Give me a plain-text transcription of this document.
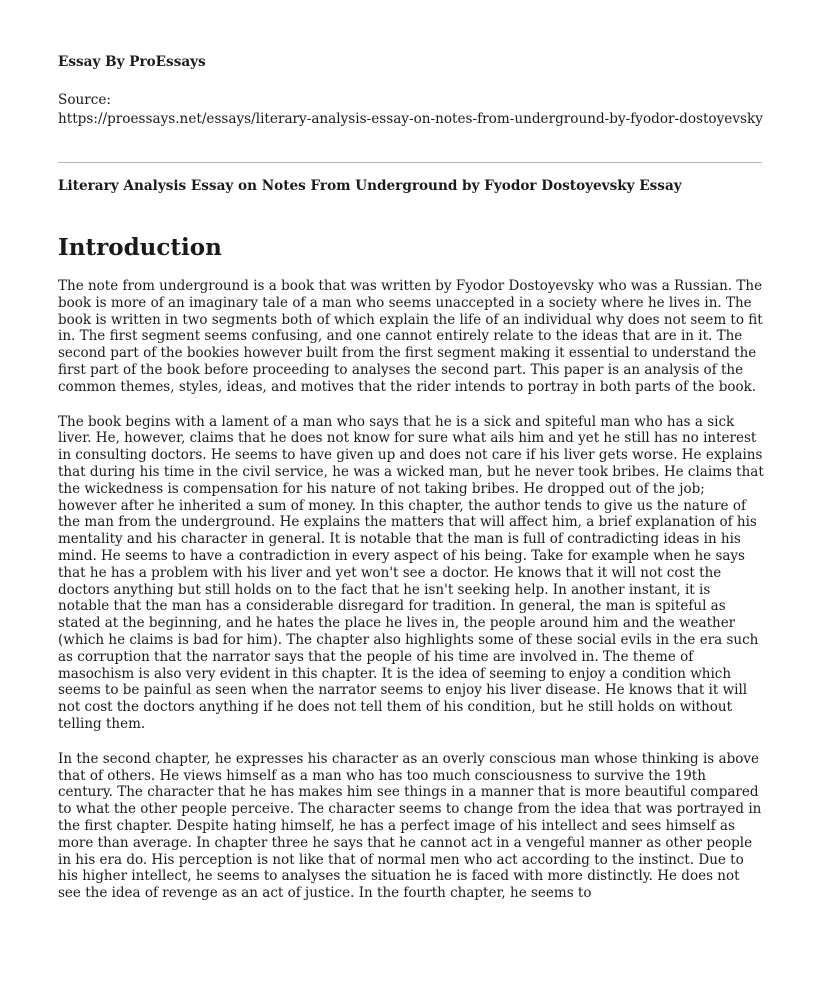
Essay By ProEssays

Source:
https://proessays.net/essays/literary-analysis-essay-on-notes-from-underground-by-fyodor-dostoyevsky

Literary Analysis Essay on Notes From Underground by Fyodor Dostoyevsky Essay

Introduction

The note from underground is a book that was written by Fyodor Dostoyevsky who was a Russian. The book is more of an imaginary tale of a man who seems unaccepted in a society where he lives in. The book is written in two segments both of which explain the life of an individual why does not seem to fit in. The first segment seems confusing, and one cannot entirely relate to the ideas that are in it. The second part of the bookies however built from the first segment making it essential to understand the first part of the book before proceeding to analyses the second part. This paper is an analysis of the common themes, styles, ideas, and motives that the rider intends to portray in both parts of the book.

The book begins with a lament of a man who says that he is a sick and spiteful man who has a sick liver. He, however, claims that he does not know for sure what ails him and yet he still has no interest in consulting doctors. He seems to have given up and does not care if his liver gets worse. He explains that during his time in the civil service, he was a wicked man, but he never took bribes. He claims that the wickedness is compensation for his nature of not taking bribes. He dropped out of the job; however after he inherited a sum of money. In this chapter, the author tends to give us the nature of the man from the underground. He explains the matters that will affect him, a brief explanation of his mentality and his character in general. It is notable that the man is full of contradicting ideas in his mind. He seems to have a contradiction in every aspect of his being. Take for example when he says that he has a problem with his liver and yet won't see a doctor. He knows that it will not cost the doctors anything but still holds on to the fact that he isn't seeking help. In another instant, it is notable that the man has a considerable disregard for tradition. In general, the man is spiteful as stated at the beginning, and he hates the place he lives in, the people around him and the weather (which he claims is bad for him). The chapter also highlights some of these social evils in the era such as corruption that the narrator says that the people of his time are involved in. The theme of masochism is also very evident in this chapter. It is the idea of seeming to enjoy a condition which seems to be painful as seen when the narrator seems to enjoy his liver disease. He knows that it will not cost the doctors anything if he does not tell them of his condition, but he still holds on without telling them.

In the second chapter, he expresses his character as an overly conscious man whose thinking is above that of others. He views himself as a man who has too much consciousness to survive the 19th century. The character that he has makes him see things in a manner that is more beautiful compared to what the other people perceive. The character seems to change from the idea that was portrayed in the first chapter. Despite hating himself, he has a perfect image of his intellect and sees himself as more than average. In chapter three he says that he cannot act in a vengeful manner as other people in his era do. His perception is not like that of normal men who act according to the instinct. Due to his higher intellect, he seems to analyses the situation he is faced with more distinctly. He does not see the idea of revenge as an act of justice. In the fourth chapter, he seems to
